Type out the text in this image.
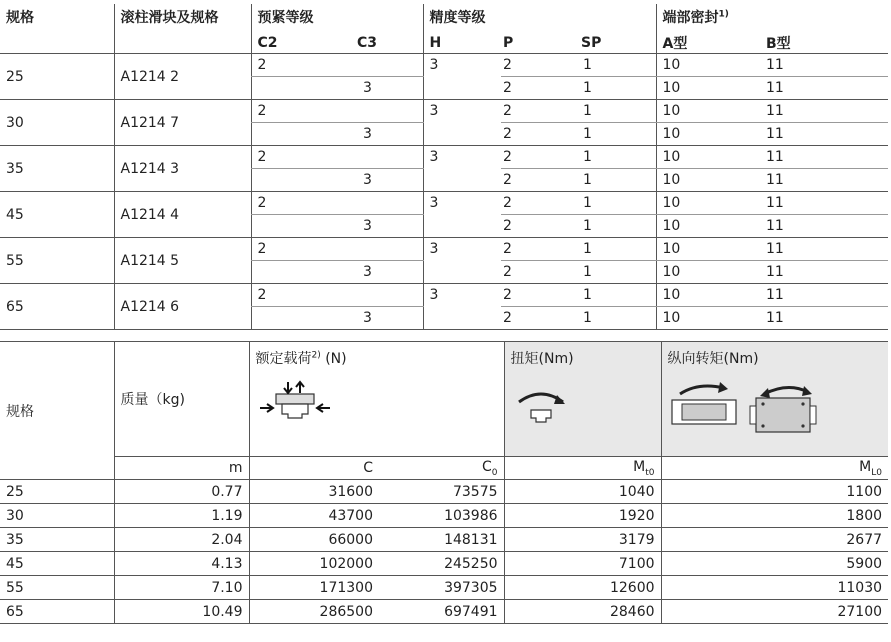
规格	滚柱滑块及规格	预紧等级		精度等级			端部密封$^{1)}$
		C2	C3	H	P	SP	A型	B型
25	A1214 2	2		3	2	1	10	11
			3		2	1	10	11
30	A1214 7	2		3	2	1	10	11
			3		2	1	10	11
35	A1214 3	2		3	2	1	10	11
			3		2	1	10	11
45	A1214 4	2		3	2	1	10	11
			3		2	1	10	11
55	A1214 5	2		3	2	1	10	11
			3		2	1	10	11
65	A1214 6	2		3	2	1	10	11
			3		2	1	10	11
规格	质量（kg)	额定载荷$^{2)}$ (N)		扭矩(Nm)	纵向转矩(Nm)

	m	C	$C_0$	$M_{t0}$	$M_{L0}$
25	0.77	31600	73575	1040	1100
30	1.19	43700	103986	1920	1800
35	2.04	66000	148131	3179	2677
45	4.13	102000	245250	7100	5900
55	7.10	171300	397305	12600	11030
65	10.49	286500	697491	28460	27100
